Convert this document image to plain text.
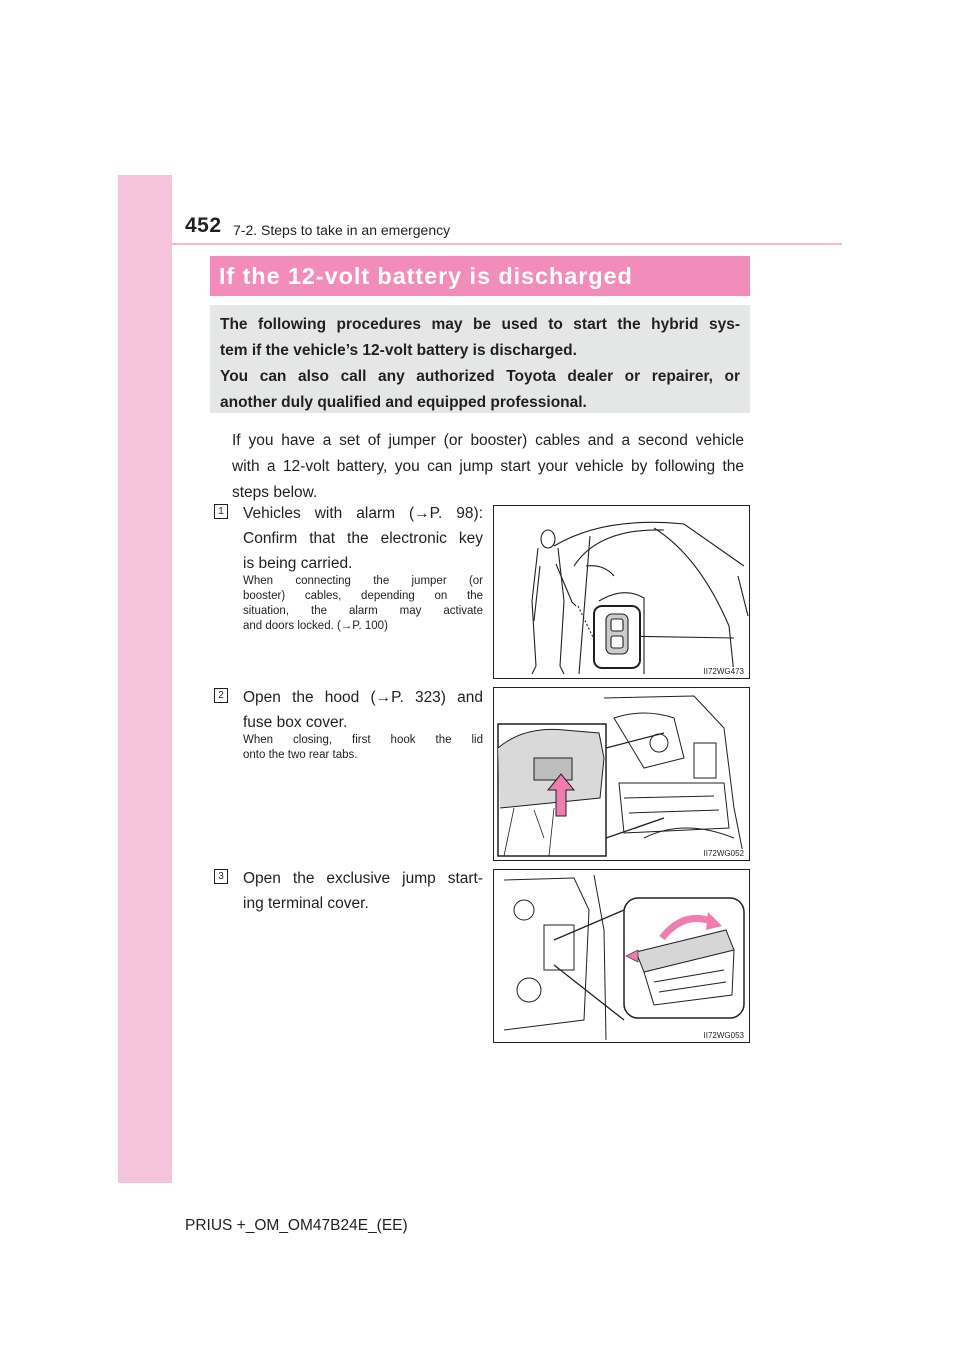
452 7-2. Steps to take in an emergency
If the 12-volt battery is discharged

The following procedures may be used to start the hybrid sys-

tem if the vehicle’s 12-volt battery is discharged.

You can also call any authorized Toyota dealer or repairer, or

another duly qualified and equipped professional.

If you have a set of jumper (or booster) cables and a second vehicle
with a 12-volt battery, you can jump start your vehicle by following the
steps below.
1 Vehicles with alarm (→P. 98):
Confirm that the electronic key
is being carried.
When connecting the jumper (or
booster) cables, depending on the
situation, the alarm may activate
and doors locked. (→P. 100)
II72WG473
2 Open the hood (→P. 323) and
fuse box cover.
When closing, first hook the lid
onto the two rear tabs.
II72WG052
3 Open the exclusive jump start-
ing terminal cover.
II72WG053
PRIUS +_OM_OM47B24E_(EE)
